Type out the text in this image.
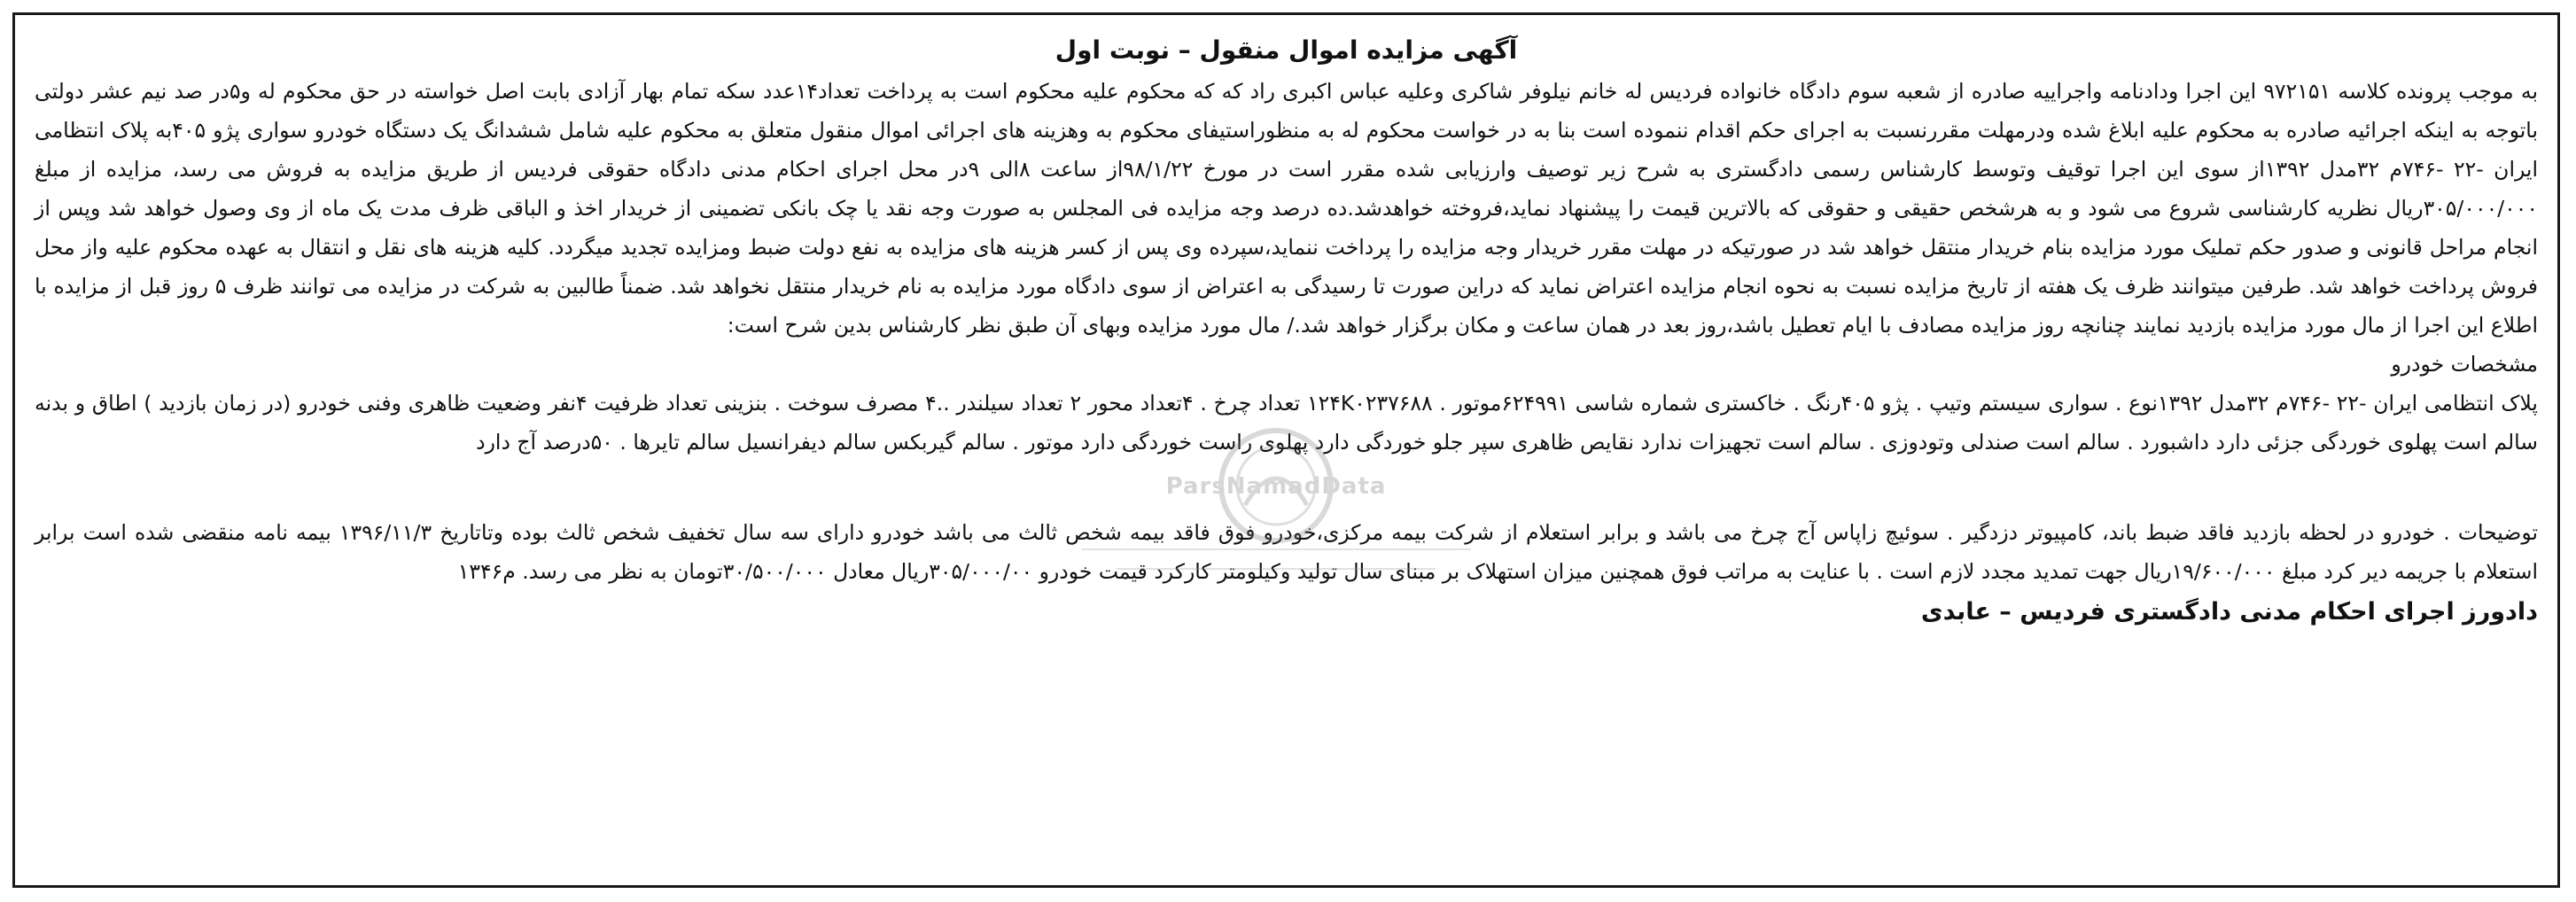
آگهی مزایده اموال منقول – نوبت اول

به موجب پرونده کلاسه ۹۷۲۱۵۱ این اجرا ودادنامه واجراییه صادره از شعبه سوم دادگاه خانواده فردیس له خانم نیلوفر شاکری وعلیه عباس اکبری راد که که محکوم علیه محکوم است به پرداخت تعداد۱۴عدد سکه تمام بهار آزادی بابت اصل خواسته در حق محکوم له و۵در صد نیم عشر دولتی باتوجه به اینکه اجرائیه صادره به محکوم علیه ابلاغ شده ودرمهلت مقررنسبت به اجرای حکم اقدام ننموده است بنا به در خواست محکوم له به منظوراستیفای محکوم به وهزینه های اجرائی اموال منقول متعلق به محکوم علیه شامل ششدانگ یک دستگاه خودرو سواری پژو ۴۰۵به پلاک انتظامی ایران -۲۲ -۷۴۶م ۳۲مدل ۱۳۹۲از سوی این اجرا توقیف وتوسط کارشناس رسمی دادگستری به شرح زیر توصیف وارزیابی شده مقرر است در مورخ ۹۸/۱/۲۲از ساعت ۸الی ۹در محل اجرای احکام مدنی دادگاه حقوقی فردیس از طریق مزایده به فروش می رسد، مزایده از مبلغ ۳۰۵/۰۰۰/۰۰۰ریال نظریه کارشناسی شروع می شود و به هرشخص حقیقی و حقوقی که بالاترین قیمت را پیشنهاد نماید،فروخته خواهدشد.ده درصد وجه مزایده فی المجلس به صورت وجه نقد یا چک بانکی تضمینی از خریدار اخذ و الباقی ظرف مدت یک ماه از وی وصول خواهد شد وپس از انجام مراحل قانونی و صدور حکم تملیک مورد مزایده بنام خریدار منتقل خواهد شد در صورتیکه در مهلت مقرر خریدار وجه مزایده را پرداخت ننماید،سپرده وی پس از کسر هزینه های مزایده به نفع دولت ضبط ومزایده تجدید میگردد. کلیه هزینه های نقل و انتقال به عهده محکوم علیه واز محل فروش پرداخت خواهد شد. طرفین میتوانند ظرف یک هفته از تاریخ مزایده نسبت به نحوه انجام مزایده اعتراض نماید که دراین صورت تا رسیدگی به اعتراض از سوی دادگاه مورد مزایده به نام خریدار منتقل نخواهد شد. ضمناً طالبین به شرکت در مزایده می توانند ظرف ۵ روز قبل از مزایده با اطلاع این اجرا از مال مورد مزایده بازدید نمایند چنانچه روز مزایده مصادف با ایام تعطیل باشد،روز بعد در همان ساعت و مکان برگزار خواهد شد./ مال مورد مزایده وبهای آن طبق نظر کارشناس بدین شرح است:

مشخصات خودرو

پلاک انتظامی ایران -۲۲ -۷۴۶م ۳۲مدل ۱۳۹۲نوع . سواری سیستم وتیپ . پژو ۴۰۵رنگ . خاکستری شماره شاسی ۶۲۴۹۹۱موتور . ۱۲۴K۰۲۳۷۶۸۸ تعداد چرخ . ۴تعداد محور ۲ تعداد سیلندر ..۴ مصرف سوخت . بنزینی تعداد ظرفیت ۴نفر وضعیت ظاهری وفنی خودرو (در زمان بازدید ) اطاق و بدنه سالم است پهلوی خوردگی جزئی دارد داشبورد . سالم است صندلی وتودوزی . سالم است تجهیزات ندارد نقایص ظاهری سپر جلو خوردگی دارد پهلوی راست خوردگی دارد موتور . سالم گیربکس سالم دیفرانسیل سالم تایرها . ۵۰درصد آج دارد

توضیحات . خودرو در لحظه بازدید فاقد ضبط باند، کامپیوتر دزدگیر . سوئیچ زاپاس آج چرخ می باشد و برابر استعلام از شرکت بیمه مرکزی،خودرو فوق فاقد بیمه شخص ثالث می باشد خودرو دارای سه سال تخفیف شخص ثالث بوده وتاتاریخ ۱۳۹۶/۱۱/۳ بیمه نامه منقضی شده است برابر استعلام با جریمه دیر کرد مبلغ ۱۹/۶۰۰/۰۰۰ریال جهت تمدید مجدد لازم است . با عنایت به مراتب فوق همچنین میزان استهلاک بر مبنای سال تولید وکیلومتر کارکرد قیمت خودرو ۳۰۵/۰۰۰/۰۰ریال معادل ۳۰/۵۰۰/۰۰۰تومان به نظر می رسد. م۱۳۴۶

دادورز اجرای احکام مدنی دادگستری فردیس – عابدی

ParsNamadData
